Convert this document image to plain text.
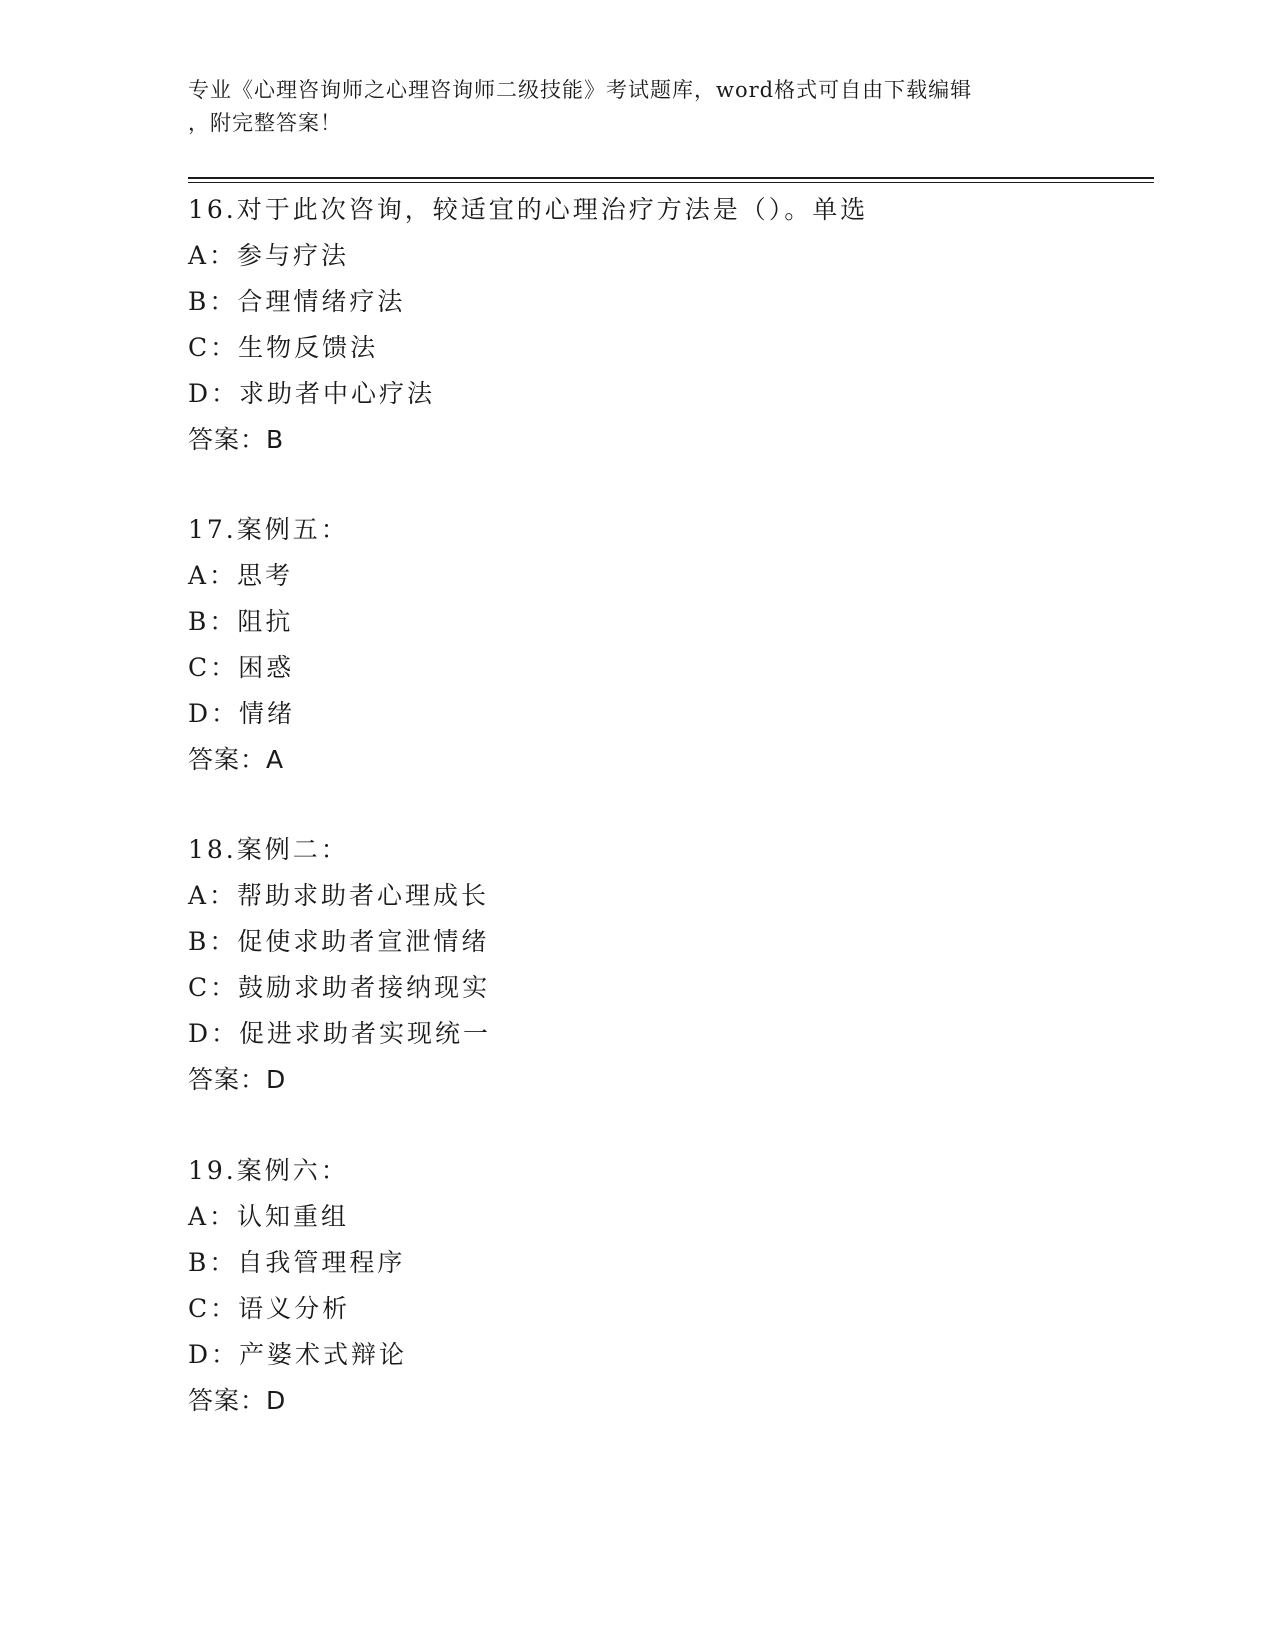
专业《心理咨询师之心理咨询师二级技能》考试题库，word格式可自由下载编辑
，附完整答案！
16.对于此次咨询，较适宜的心理治疗方法是（）。单选
A：参与疗法
B：合理情绪疗法
C：生物反馈法
D：求助者中心疗法
答案：B
17.案例五：
A：思考
B：阻抗
C：困惑
D：情绪
答案：A
18.案例二：
A：帮助求助者心理成长
B：促使求助者宣泄情绪
C：鼓励求助者接纳现实
D：促进求助者实现统一
答案：D
19.案例六：
A：认知重组
B：自我管理程序
C：语义分析
D：产婆术式辩论
答案：D
